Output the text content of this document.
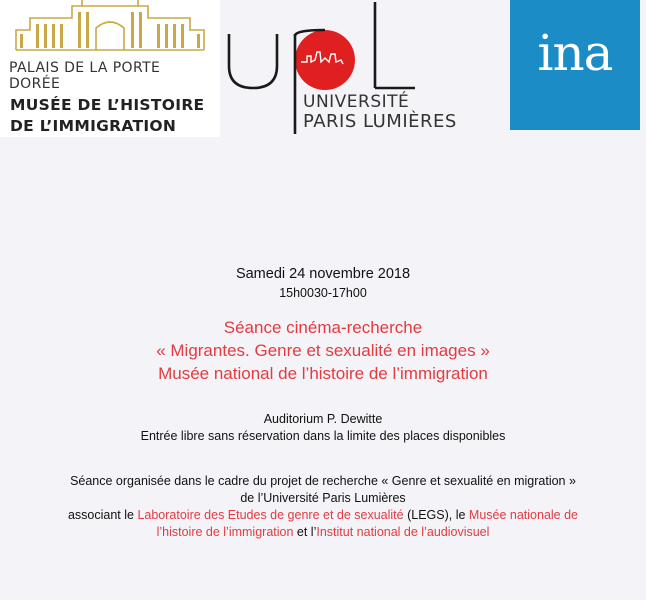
PALAIS DE LA PORTE DORÉE
MUSÉE DE L’HISTOIRE
DE L’IMMIGRATION
UNIVERSITÉ
PARIS LUMIÈRES
ina
Samedi 24 novembre 2018
15h0030-17h00
Séance cinéma-recherche
« Migrantes. Genre et sexualité en images »
Musée national de l’histoire de l’immigration
Auditorium P. Dewitte
Entrée libre sans réservation dans la limite des places disponibles
Séance organisée dans le cadre du projet de recherche « Genre et sexualité en migration »
de l’Université Paris Lumières
associant le Laboratoire des Etudes de genre et de sexualité (LEGS), le Musée nationale de
l’histoire de l’immigration et l’Institut national de l’audiovisuel
